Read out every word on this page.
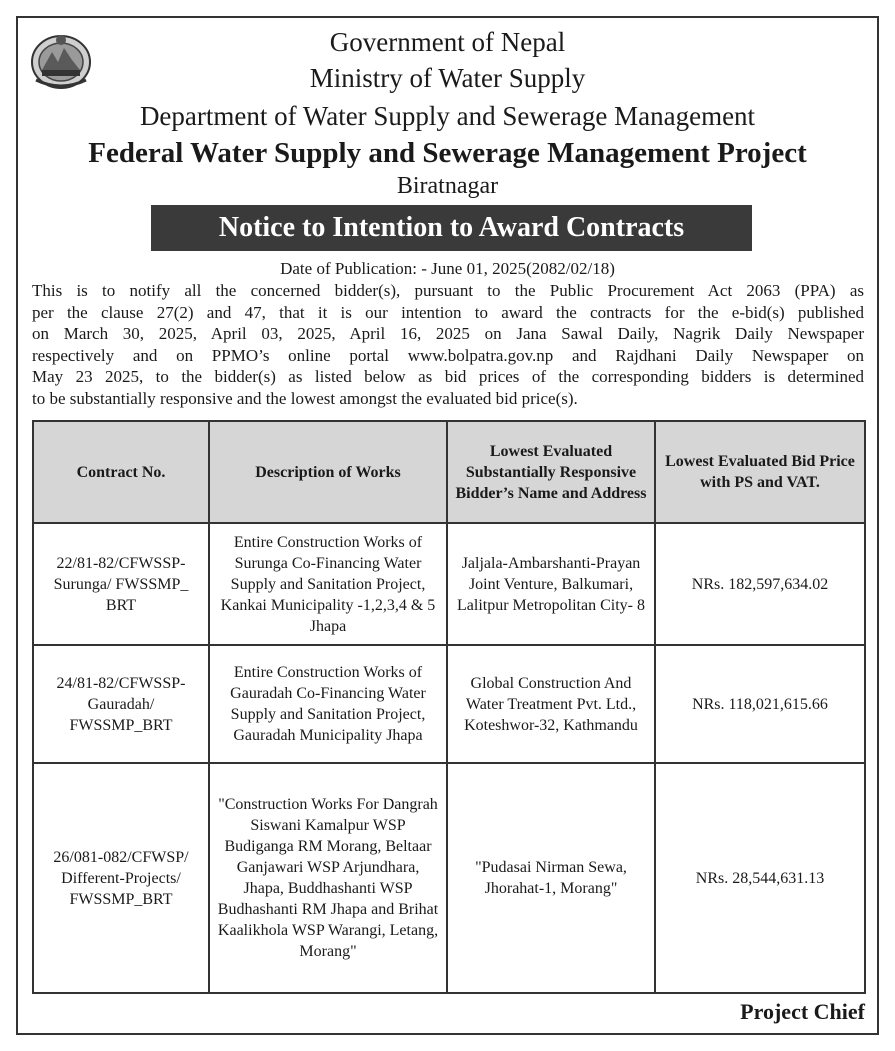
Government of Nepal
Ministry of Water Supply
Department of Water Supply and Sewerage Management
Federal Water Supply and Sewerage Management Project
Biratnagar
Notice to Intention to Award Contracts
Date of Publication: - June 01, 2025(2082/02/18)
This is to notify all the concerned bidder(s), pursuant to the Public Procurement Act 2063 (PPA) as
per the clause 27(2) and 47, that it is our intention to award the contracts for the e-bid(s) published
on March 30, 2025, April 03, 2025, April 16, 2025 on Jana Sawal Daily, Nagrik Daily Newspaper
respectively and on PPMO’s online portal www.bolpatra.gov.np and Rajdhani Daily Newspaper on
May 23 2025, to the bidder(s) as listed below as bid prices of the corresponding bidders is determined
to be substantially responsive and the lowest amongst the evaluated bid price(s).
Contract No.	Description of Works	Lowest Evaluated Substantially Responsive Bidder’s Name and Address	Lowest Evaluated Bid Price with PS and VAT.
22/81-82/CFWSSP-Surunga/ FWSSMP_ BRT	Entire Construction Works of Surunga Co-Financing Water Supply and Sanitation Project, Kankai Municipality -1,2,3,4 & 5 Jhapa	Jaljala-Ambarshanti-Prayan Joint Venture, Balkumari, Lalitpur Metropolitan City- 8	NRs. 182,597,634.02
24/81-82/CFWSSP-Gauradah/ FWSSMP_BRT	Entire Construction Works of Gauradah Co-Financing Water Supply and Sanitation Project, Gauradah Municipality Jhapa	Global Construction And Water Treatment Pvt. Ltd., Koteshwor-32, Kathmandu	NRs. 118,021,615.66
26/081-082/CFWSP/ Different-Projects/ FWSSMP_BRT	"Construction Works For Dangrah Siswani Kamalpur WSP Budiganga RM Morang, Beltaar Ganjawari WSP Arjundhara, Jhapa, Buddhashanti WSP Budhashanti RM Jhapa and Brihat Kaalikhola WSP Warangi, Letang, Morang"	"Pudasai Nirman Sewa, Jhorahat-1, Morang"	NRs. 28,544,631.13
Project Chief
